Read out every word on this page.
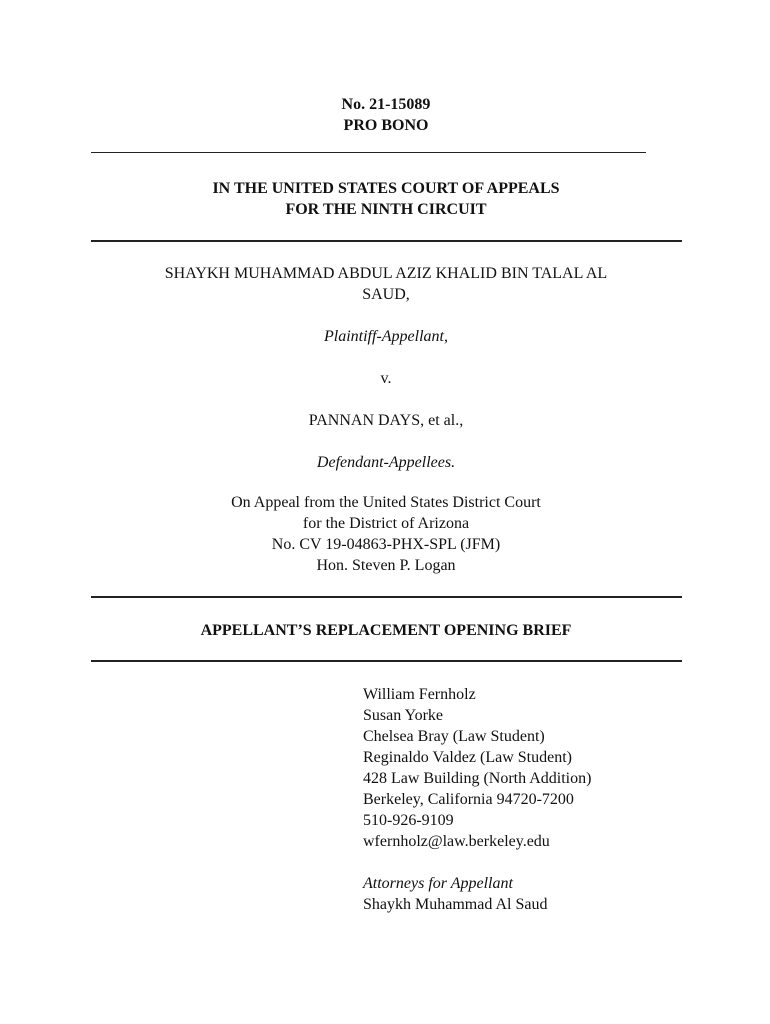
No. 21-15089
PRO BONO
IN THE UNITED STATES COURT OF APPEALS
FOR THE NINTH CIRCUIT
SHAYKH MUHAMMAD ABDUL AZIZ KHALID BIN TALAL AL
SAUD,
Plaintiff-Appellant,
v.
PANNAN DAYS, et al.,
Defendant-Appellees.
On Appeal from the United States District Court
for the District of Arizona
No. CV 19-04863-PHX-SPL (JFM)
Hon. Steven P. Logan
APPELLANT’S REPLACEMENT OPENING BRIEF
William Fernholz
Susan Yorke
Chelsea Bray (Law Student)
Reginaldo Valdez (Law Student)
428 Law Building (North Addition)
Berkeley, California 94720-7200
510-926-9109
wfernholz@law.berkeley.edu
Attorneys for Appellant
Shaykh Muhammad Al Saud
